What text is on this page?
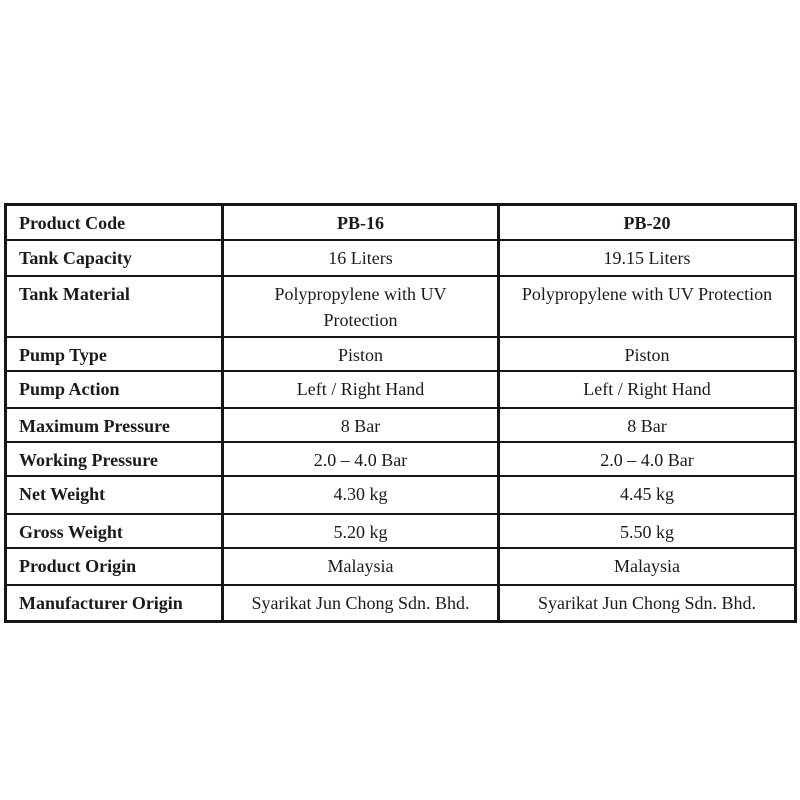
Product Code	PB-16	PB-20
Tank Capacity	16 Liters	19.15 Liters
Tank Material	Polypropylene with UV Protection	Polypropylene with UV Protection
Pump Type	Piston	Piston
Pump Action	Left / Right Hand	Left / Right Hand
Maximum Pressure	8 Bar	8 Bar
Working Pressure	2.0 – 4.0 Bar	2.0 – 4.0 Bar
Net Weight	4.30 kg	4.45 kg
Gross Weight	5.20 kg	5.50 kg
Product Origin	Malaysia	Malaysia
Manufacturer Origin	Syarikat Jun Chong Sdn. Bhd.	Syarikat Jun Chong Sdn. Bhd.
